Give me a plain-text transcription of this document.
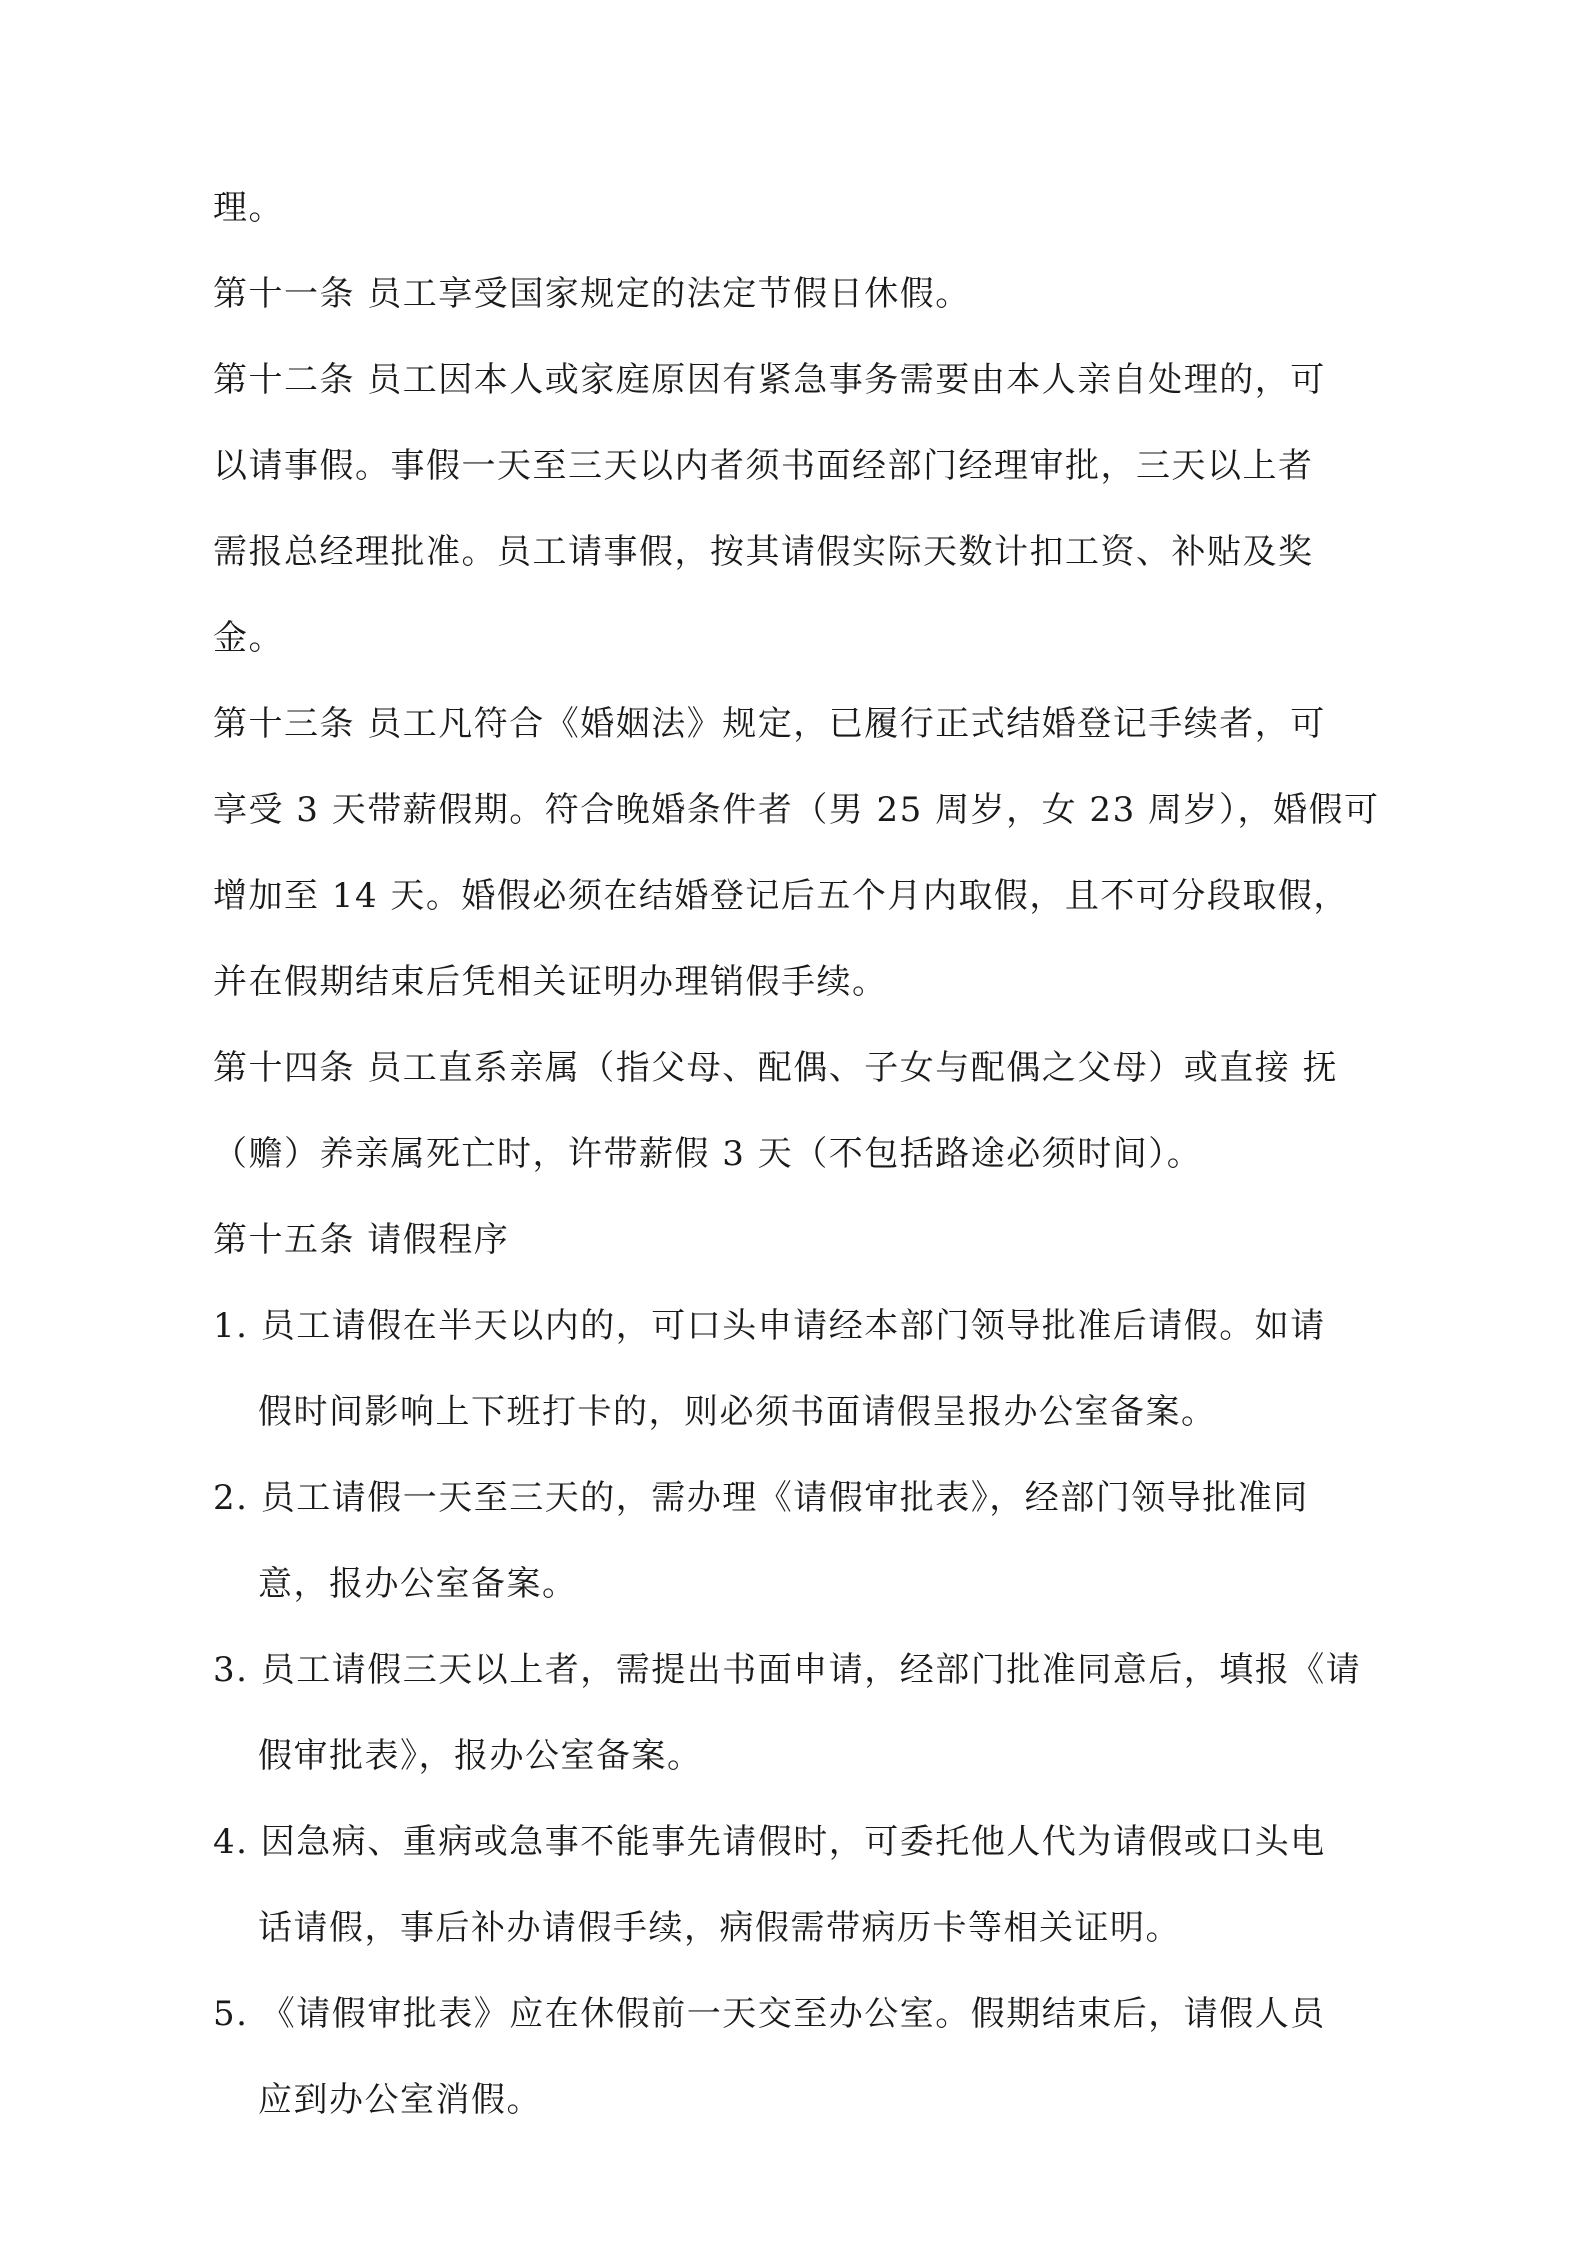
理。
第十一条 员工享受国家规定的法定节假日休假。
第十二条 员工因本人或家庭原因有紧急事务需要由本人亲自处理的，可
以请事假。事假一天至三天以内者须书面经部门经理审批，三天以上者
需报总经理批准。员工请事假，按其请假实际天数计扣工资、补贴及奖
金。
第十三条 员工凡符合《婚姻法》规定，已履行正式结婚登记手续者，可
享受 3 天带薪假期。符合晚婚条件者（男 25 周岁，女 23 周岁），婚假可
增加至 14 天。婚假必须在结婚登记后五个月内取假，且不可分段取假，
并在假期结束后凭相关证明办理销假手续。
第十四条 员工直系亲属（指父母、配偶、子女与配偶之父母）或直接 抚
（赡）养亲属死亡时，许带薪假 3 天（不包括路途必须时间）。
第十五条 请假程序
1. 员工请假在半天以内的，可口头申请经本部门领导批准后请假。如请
假时间影响上下班打卡的，则必须书面请假呈报办公室备案。
2. 员工请假一天至三天的，需办理《请假审批表》，经部门领导批准同
意，报办公室备案。
3. 员工请假三天以上者，需提出书面申请，经部门批准同意后，填报《请
假审批表》，报办公室备案。
4. 因急病、重病或急事不能事先请假时，可委托他人代为请假或口头电
话请假，事后补办请假手续，病假需带病历卡等相关证明。
5. 《请假审批表》应在休假前一天交至办公室。假期结束后，请假人员
应到办公室消假。
